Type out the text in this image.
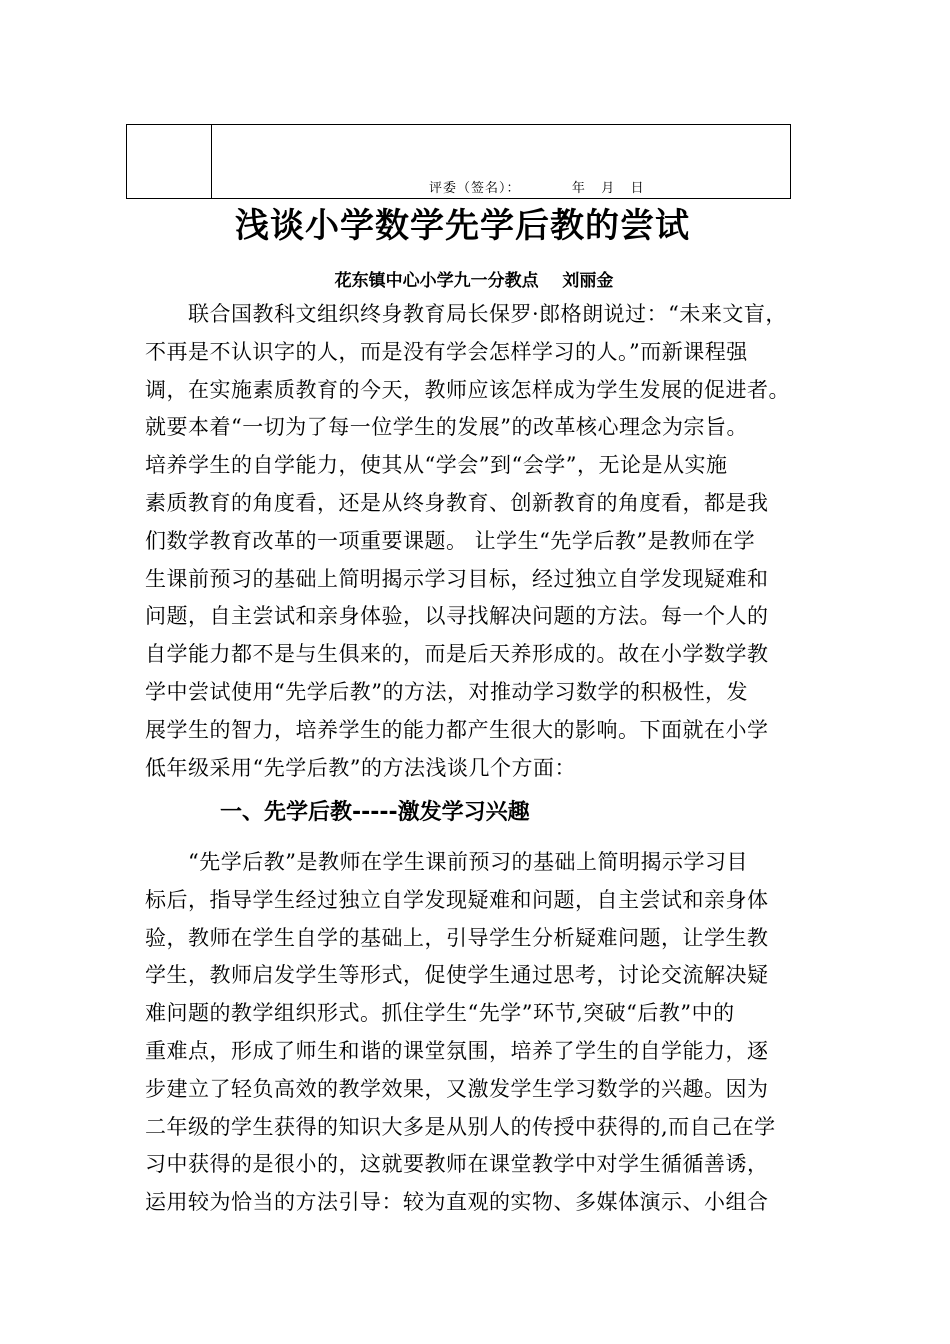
评委（签名）：          年   月   日
浅谈小学数学先学后教的尝试
花东镇中心小学九一分教点    刘丽金

　　联合国教科文组织终身教育局长保罗·郎格朗说过：“未来文盲，
不再是不认识字的人，而是没有学会怎样学习的人。”而新课程强
调，在实施素质教育的今天，教师应该怎样成为学生发展的促进者。
就要本着“一切为了每一位学生的发展”的改革核心理念为宗旨。
培养学生的自学能力，使其从“学会”到“会学”，无论是从实施
素质教育的角度看，还是从终身教育、创新教育的角度看，都是我
们数学教育改革的一项重要课题。 让学生“先学后教”是教师在学
生课前预习的基础上简明揭示学习目标，经过独立自学发现疑难和
问题，自主尝试和亲身体验，以寻找解决问题的方法。每一个人的
自学能力都不是与生俱来的，而是后天养形成的。故在小学数学教
学中尝试使用“先学后教”的方法，对推动学习数学的积极性，发
展学生的智力，培养学生的能力都产生很大的影响。下面就在小学
低年级采用“先学后教”的方法浅谈几个方面：

一、先学后教-----激发学习兴趣

　　“先学后教”是教师在学生课前预习的基础上简明揭示学习目
标后，指导学生经过独立自学发现疑难和问题，自主尝试和亲身体
验，教师在学生自学的基础上，引导学生分析疑难问题，让学生教
学生，教师启发学生等形式，促使学生通过思考，讨论交流解决疑
难问题的教学组织形式。抓住学生“先学”环节,突破“后教”中的
重难点，形成了师生和谐的课堂氛围，培养了学生的自学能力，逐
步建立了轻负高效的教学效果，又激发学生学习数学的兴趣。因为
二年级的学生获得的知识大多是从别人的传授中获得的,而自己在学
习中获得的是很小的，这就要教师在课堂教学中对学生循循善诱，
运用较为恰当的方法引导：较为直观的实物、多媒体演示、小组合
